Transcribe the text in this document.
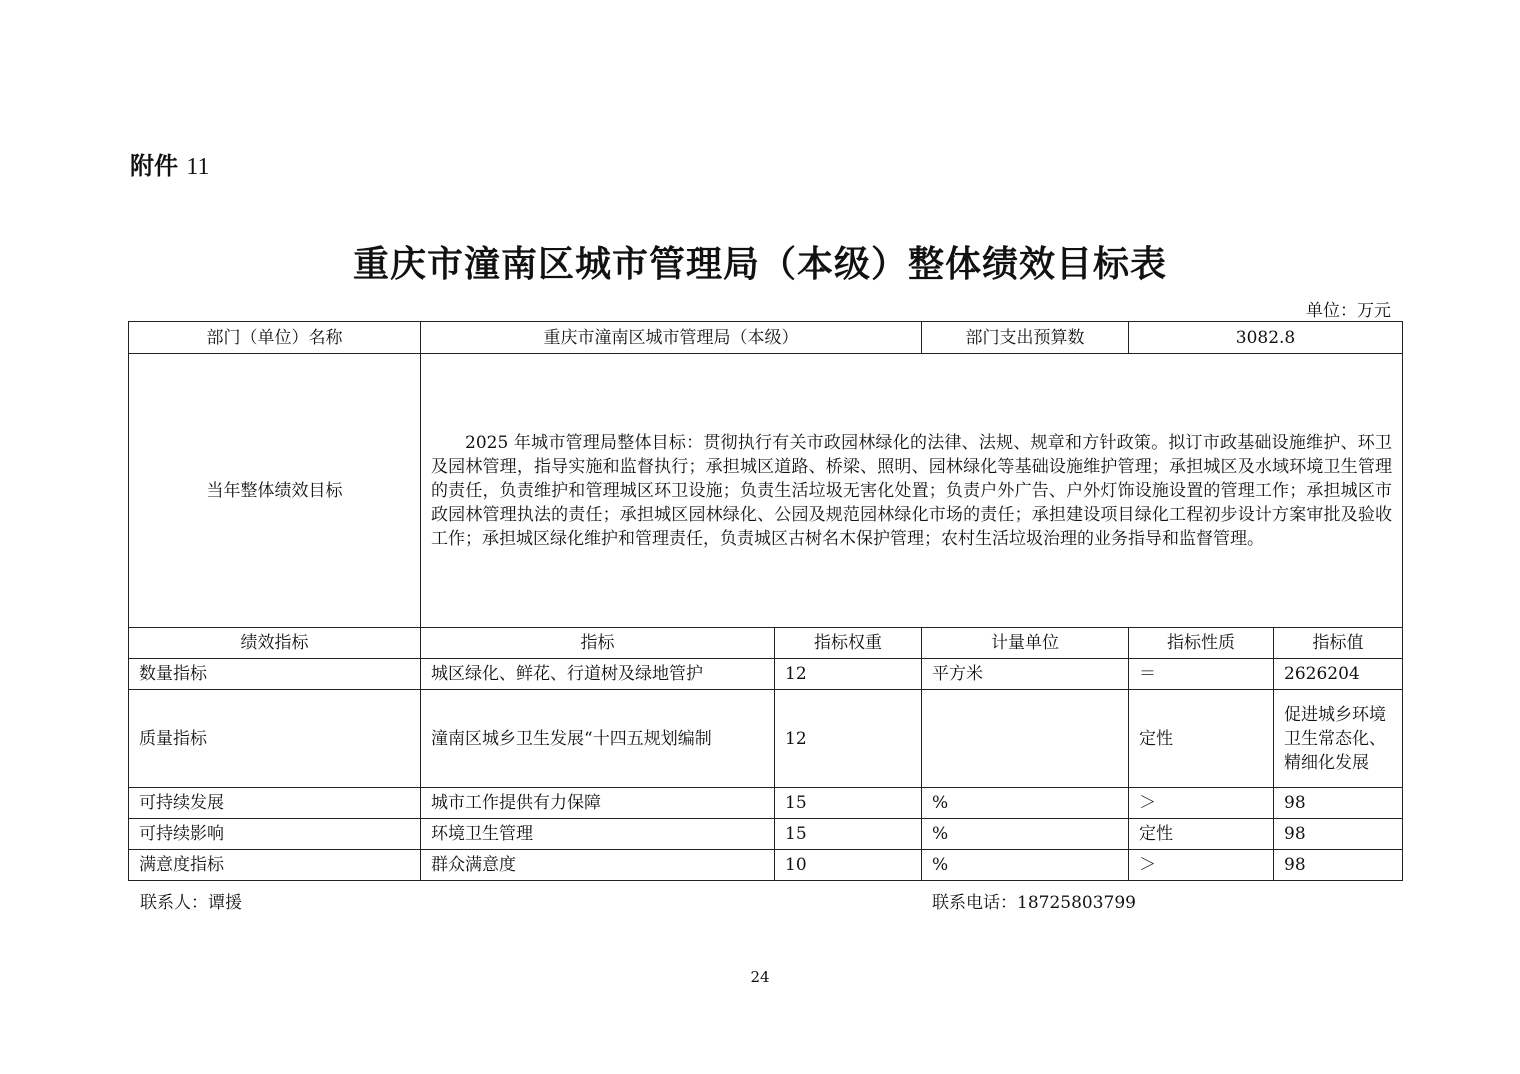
附件 11
重庆市潼南区城市管理局（本级）整体绩效目标表
单位：万元
部门（单位）名称	重庆市潼南区城市管理局（本级）		部门支出预算数	3082.8	
当年整体绩效目标	2025 年城市管理局整体目标：贯彻执行有关市政园林绿化的法律、法规、规章和方针政策。拟订市政基础设施维护、环卫及园林管理，指导实施和监督执行；承担城区道路、桥梁、照明、园林绿化等基础设施维护管理；承担城区及水域环境卫生管理的责任，负责维护和管理城区环卫设施；负责生活垃圾无害化处置；负责户外广告、户外灯饰设施设置的管理工作；承担城区市政园林管理执法的责任；承担城区园林绿化、公园及规范园林绿化市场的责任；承担建设项目绿化工程初步设计方案审批及验收工作；承担城区绿化维护和管理责任，负责城区古树名木保护管理；农村生活垃圾治理的业务指导和监督管理。				

绩效指标	指标	指标权重	计量单位	指标性质	指标值
数量指标	城区绿化、鲜花、行道树及绿地管护	12	平方米	＝	2626204
质量指标	潼南区城乡卫生发展“十四五规划编制	12		定性	促进城乡环境卫生常态化、精细化发展
可持续发展	城市工作提供有力保障	15	%	＞	98
可持续影响	环境卫生管理	15	%	定性	98
满意度指标	群众满意度	10	%	＞	98
联系人：谭援	联系电话：18725803799
24
